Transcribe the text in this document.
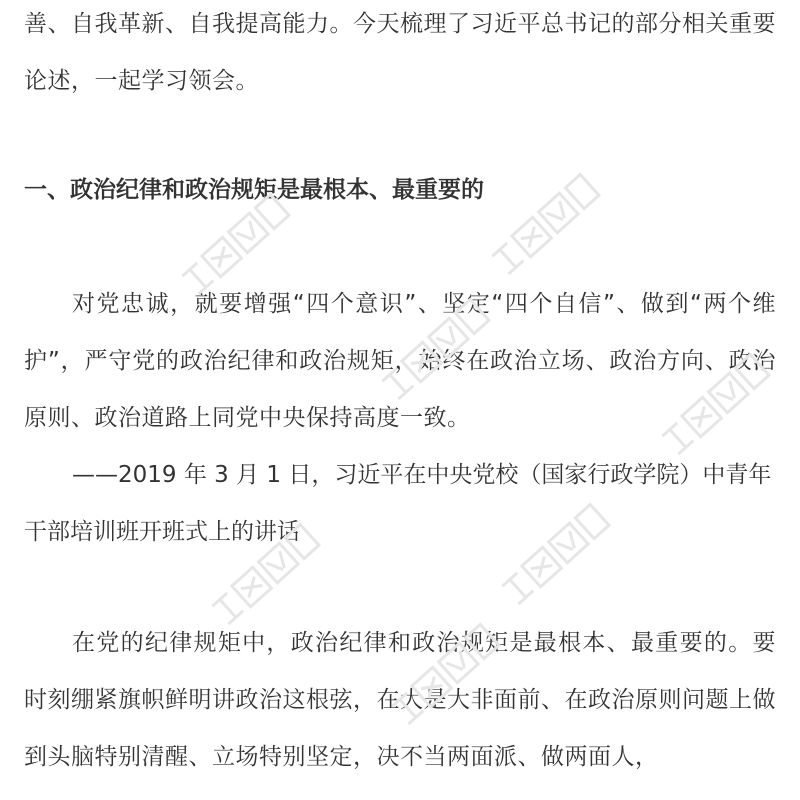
善、自我革新、自我提高能力。今天梳理了习近平总书记的部分相关重要论述，一起学习领会。

一、政治纪律和政治规矩是最根本、最重要的

对党忠诚，就要增强“四个意识”、坚定“四个自信”、做到“两个维护”，严守党的政治纪律和政治规矩，始终在政治立场、政治方向、政治原则、政治道路上同党中央保持高度一致。

——2019 年 3 月 1 日，习近平在中央党校（国家行政学院）中青年干部培训班开班式上的讲话

在党的纪律规矩中，政治纪律和政治规矩是最根本、最重要的。要时刻绷紧旗帜鲜明讲政治这根弦，在大是大非面前、在政治原则问题上做到头脑特别清醒、立场特别坚定，决不当两面派、做两面人，
